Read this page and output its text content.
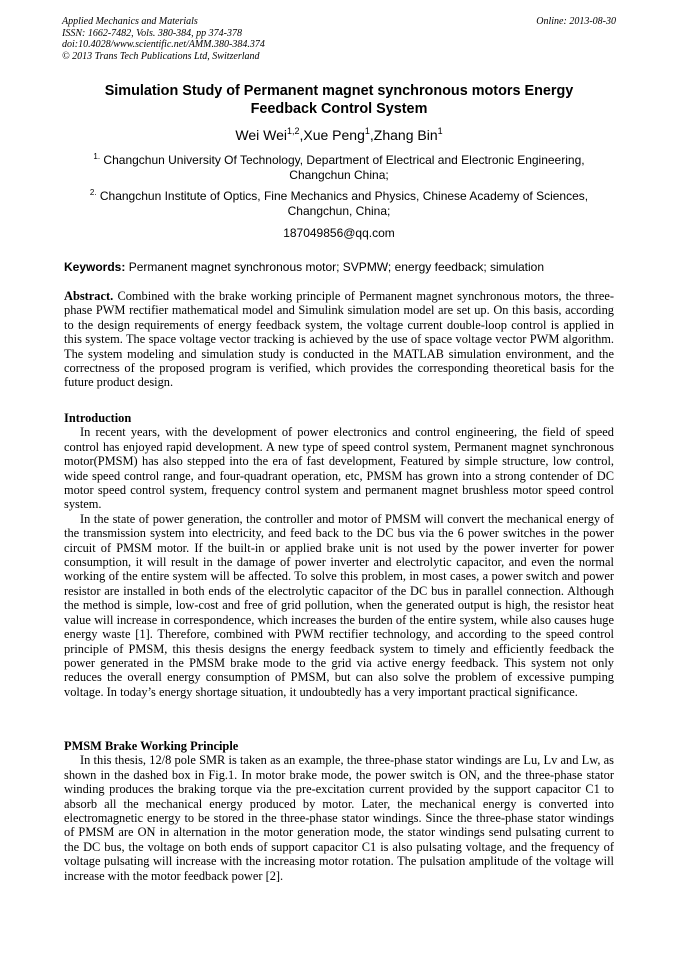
Applied Mechanics and Materials
ISSN: 1662-7482, Vols. 380-384, pp 374-378
doi:10.4028/www.scientific.net/AMM.380-384.374
© 2013 Trans Tech Publications Ltd, Switzerland
Online: 2013-08-30
Simulation Study of Permanent magnet synchronous motors Energy
Feedback Control System
Wei Wei$^{1,2}$,Xue Peng$^1$,Zhang Bin$^1$
$^{1.}$ Changchun University Of Technology, Department of Electrical and Electronic Engineering,
Changchun China;
$^{2.}$ Changchun Institute of Optics, Fine Mechanics and Physics, Chinese Academy of Sciences,
Changchun, China;
187049856@qq.com
Keywords: Permanent magnet synchronous motor; SVPMW; energy feedback; simulation

Abstract. Combined with the brake working principle of Permanent magnet synchronous motors, the three-phase PWM rectifier mathematical model and Simulink simulation model are set up. On this basis, according to the design requirements of energy feedback system, the voltage current double-loop control is applied in this system. The space voltage vector tracking is achieved by the use of space voltage vector PWM algorithm. The system modeling and simulation study is conducted in the MATLAB simulation environment, and the correctness of the proposed program is verified, which provides the corresponding theoretical basis for the future product design.

Introduction

In recent years, with the development of power electronics and control engineering, the field of speed control has enjoyed rapid development. A new type of speed control system, Permanent magnet synchronous motor(PMSM) has also stepped into the era of fast development, Featured by simple structure, low control, wide speed control range, and four-quadrant operation, etc, PMSM has grown into a strong contender of DC motor speed control system, frequency control system and permanent magnet brushless motor speed control system.

In the state of power generation, the controller and motor of PMSM will convert the mechanical energy of the transmission system into electricity, and feed back to the DC bus via the 6 power switches in the power circuit of PMSM motor. If the built-in or applied brake unit is not used by the power inverter for power consumption, it will result in the damage of power inverter and electrolytic capacitor, and even the normal working of the entire system will be affected. To solve this problem, in most cases, a power switch and power resistor are installed in both ends of the electrolytic capacitor of the DC bus in parallel connection. Although the method is simple, low-cost and free of grid pollution, when the generated output is high, the resistor heat value will increase in correspondence, which increases the burden of the entire system, while also causes huge energy waste [1]. Therefore, combined with PWM rectifier technology, and according to the speed control principle of PMSM, this thesis designs the energy feedback system to timely and efficiently feedback the power generated in the PMSM brake mode to the grid via active energy feedback. This system not only reduces the overall energy consumption of PMSM, but can also solve the problem of excessive pumping voltage. In today’s energy shortage situation, it undoubtedly has a very important practical significance.

PMSM Brake Working Principle

In this thesis, 12/8 pole SMR is taken as an example, the three-phase stator windings are Lu, Lv and Lw, as shown in the dashed box in Fig.1. In motor brake mode, the power switch is ON, and the three-phase stator winding produces the braking torque via the pre-excitation current provided by the support capacitor C1 to absorb all the mechanical energy produced by motor. Later, the mechanical energy is converted into electromagnetic energy to be stored in the three-phase stator windings. Since the three-phase stator windings of PMSM are ON in alternation in the motor generation mode, the stator windings send pulsating current to the DC bus, the voltage on both ends of support capacitor C1 is also pulsating voltage, and the frequency of voltage pulsating will increase with the increasing motor rotation. The pulsation amplitude of the voltage will increase with the motor feedback power [2].
